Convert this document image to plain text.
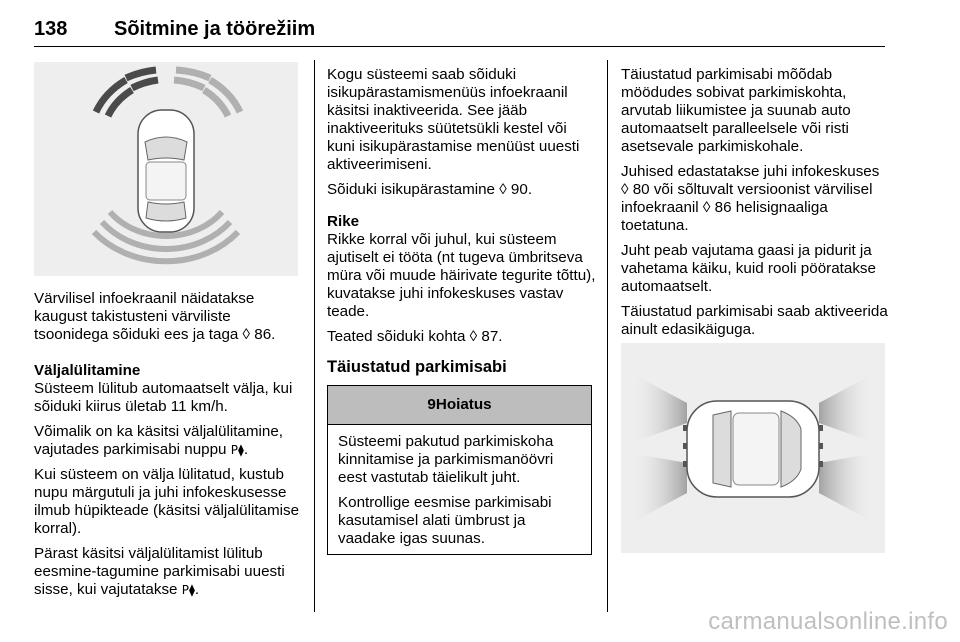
138 Sõitmine ja töörežiim

Värvilisel infoekraanil näidatakse kaugust takistusteni värviliste tsoonidega sõiduki ees ja taga ◊ 86.

Väljalülitamine

Süsteem lülitub automaatselt välja, kui sõiduki kiirus ületab 11 km/h.

Võimalik on ka käsitsi väljalülitamine, vajutades parkimisabi nuppu P⧫.

Kui süsteem on välja lülitatud, kustub nupu märgutuli ja juhi infokeskusesse ilmub hüpikteade (käsitsi väljalülitamise korral).

Pärast käsitsi väljalülitamist lülitub eesmine-tagumine parkimisabi uuesti sisse, kui vajutatakse P⧫.

Kogu süsteemi saab sõiduki isikupärastamismenüüs infoekraanil käsitsi inaktiveerida. See jääb inaktiveerituks süütetsükli kestel või kuni isikupärastamise menüüst uuesti aktiveerimiseni.

Sõiduki isikupärastamine ◊ 90.

Rike

Rikke korral või juhul, kui süsteem ajutiselt ei tööta (nt tugeva ümbritseva müra või muude häirivate tegurite tõttu), kuvatakse juhi infokeskuses vastav teade.

Teated sõiduki kohta ◊ 87.

Täiustatud parkimisabi
9Hoiatus

Süsteemi pakutud parkimiskoha kinnitamise ja parkimismanöövri eest vastutab täielikult juht.

Kontrollige eesmise parkimisabi kasutamisel alati ümbrust ja vaadake igas suunas.

Täiustatud parkimisabi mõõdab möödudes sobivat parkimiskohta, arvutab liikumistee ja suunab auto automaatselt paralleelsele või risti asetsevale parkimiskohale.

Juhised edastatakse juhi infokeskuses ◊ 80 või sõltuvalt versioonist värvilisel infoekraanil ◊ 86 helisignaaliga toetatuna.

Juht peab vajutama gaasi ja pidurit ja vahetama käiku, kuid rooli pööratakse automaatselt.

Täiustatud parkimisabi saab aktiveerida ainult edasikäiguga.

carmanualsonline.info
